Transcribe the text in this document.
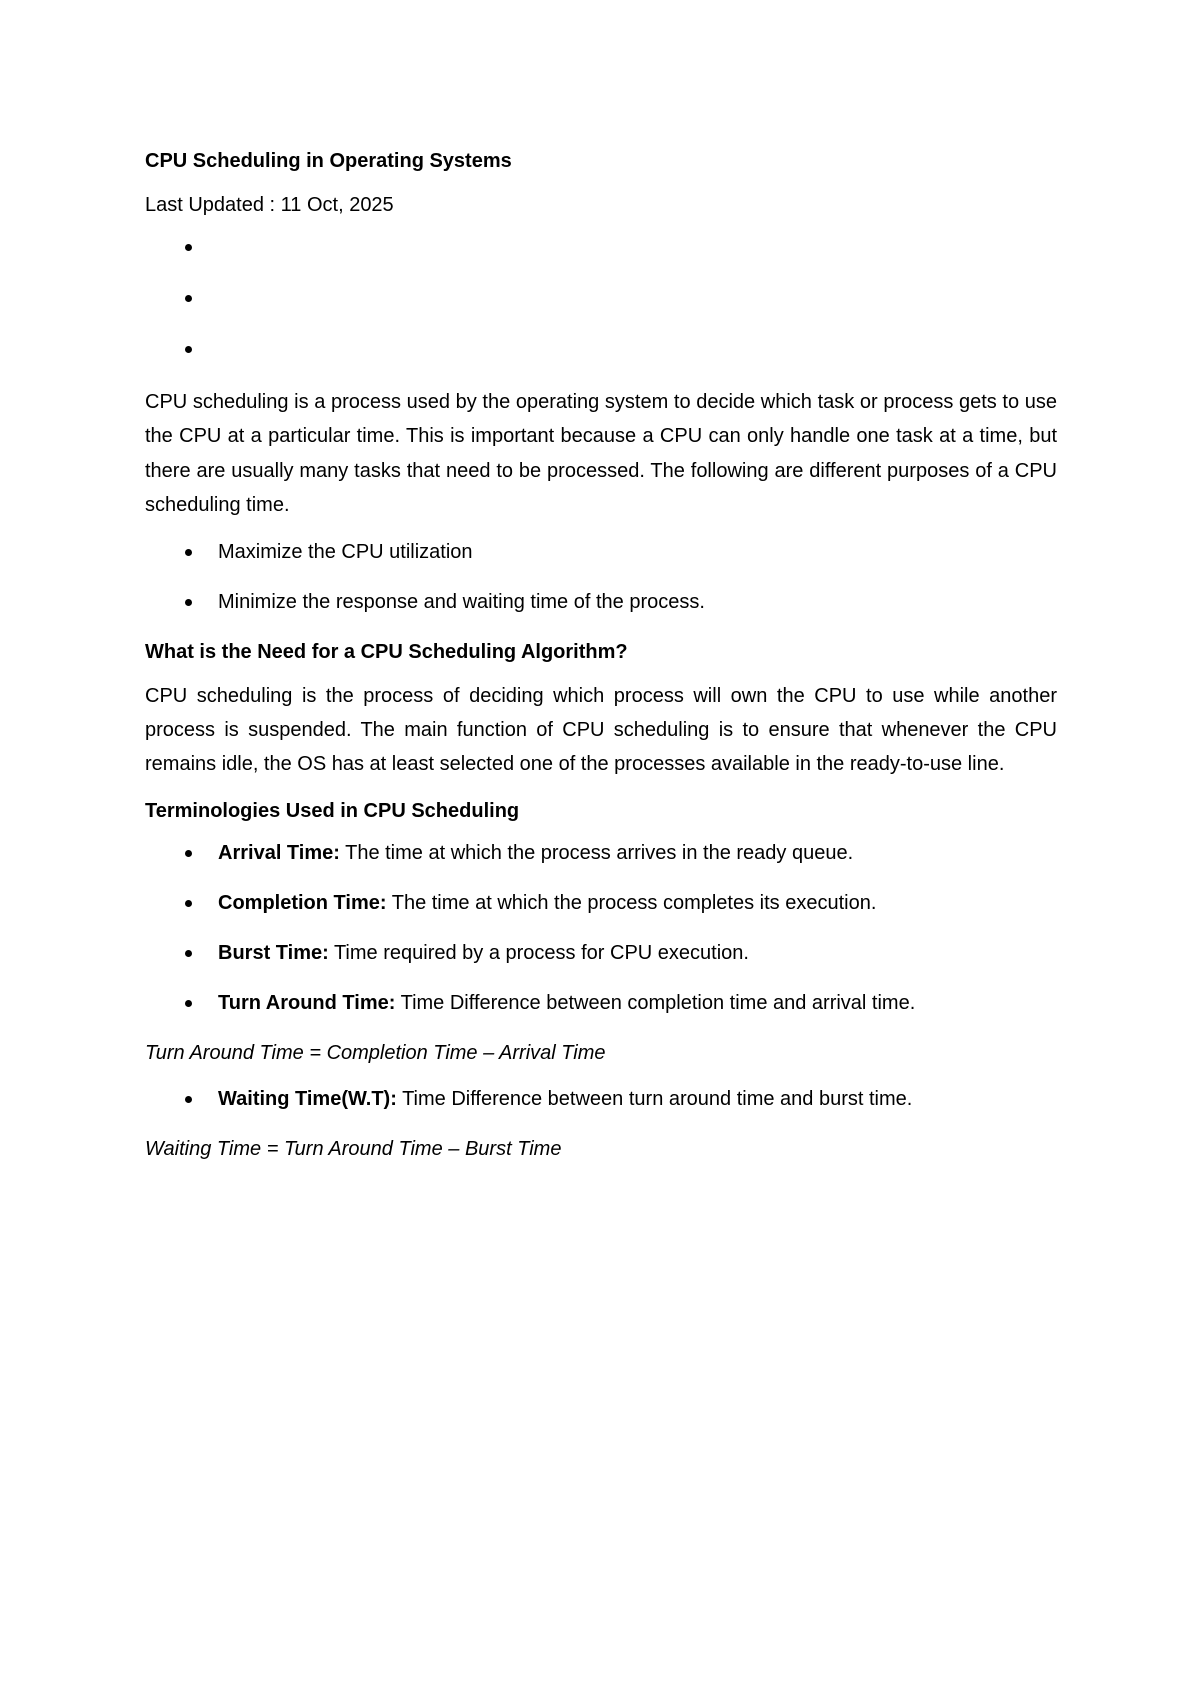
CPU Scheduling in Operating Systems

Last Updated : 11 Oct, 2025

CPU scheduling is a process used by the operating system to decide which task or process gets to use the CPU at a particular time. This is important because a CPU can only handle one task at a time, but there are usually many tasks that need to be processed. The following are different purposes of a CPU scheduling time.

Maximize the CPU utilization
Minimize the response and waiting time of the process.

What is the Need for a CPU Scheduling Algorithm?

CPU scheduling is the process of deciding which process will own the CPU to use while another process is suspended. The main function of CPU scheduling is to ensure that whenever the CPU remains idle, the OS has at least selected one of the processes available in the ready-to-use line.

Terminologies Used in CPU Scheduling

Arrival Time: The time at which the process arrives in the ready queue.
Completion Time: The time at which the process completes its execution.
Burst Time: Time required by a process for CPU execution.
Turn Around Time: Time Difference between completion time and arrival time.

Turn Around Time = Completion Time – Arrival Time

Waiting Time(W.T): Time Difference between turn around time and burst time.

Waiting Time = Turn Around Time – Burst Time
